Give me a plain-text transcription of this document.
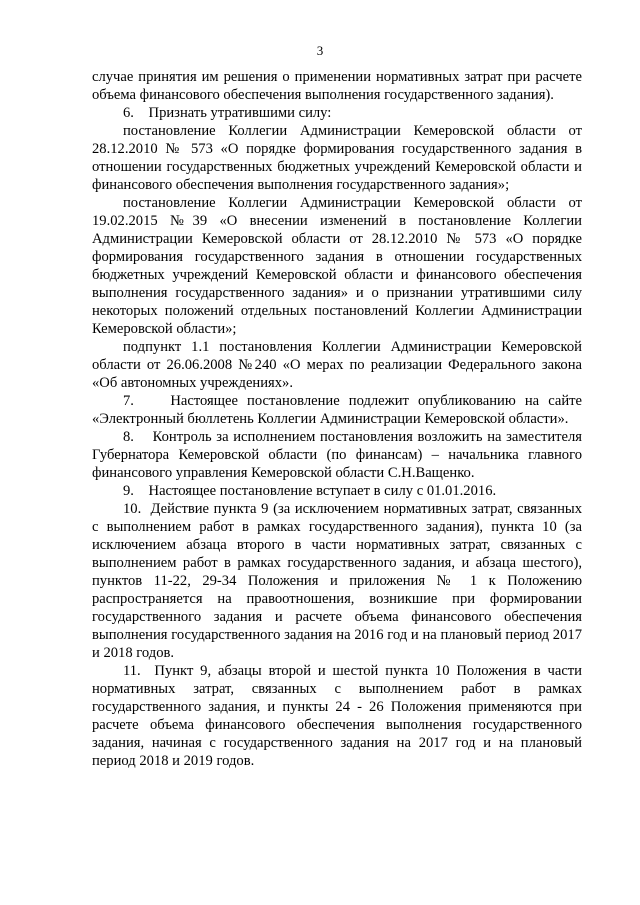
3

случае принятия им решения о применении нормативных затрат при расчете объема финансового обеспечения выполнения государственного задания).

6.    Признать утратившими силу:

постановление Коллегии Администрации Кемеровской области от 28.12.2010 № 573 «О порядке формирования государственного задания в отношении государственных бюджетных учреждений Кемеровской области и финансового обеспечения выполнения государственного задания»;

постановление Коллегии Администрации Кемеровской области от 19.02.2015 №39 «О внесении изменений в постановление Коллегии Администрации Кемеровской области от 28.12.2010 № 573 «О порядке формирования государственного задания в отношении государственных бюджетных учреждений Кемеровской области и финансового обеспечения выполнения государственного задания» и о признании утратившими силу некоторых положений отдельных постановлений Коллегии Администрации Кемеровской области»;

подпункт 1.1 постановления Коллегии Администрации Кемеровской области от 26.06.2008 №240 «О мерах по реализации Федерального закона «Об автономных учреждениях».

7.    Настоящее постановление подлежит опубликованию на сайте «Электронный бюллетень Коллегии Администрации Кемеровской области».

8.    Контроль за исполнением постановления возложить на заместителя Губернатора Кемеровской области (по финансам) – начальника главного финансового управления Кемеровской области С.Н.Ващенко.

9.    Настоящее постановление вступает в силу с 01.01.2016.

10.  Действие пункта 9 (за исключением нормативных затрат, связанных с выполнением работ в рамках государственного задания), пункта 10 (за исключением абзаца второго в части нормативных затрат, связанных с выполнением работ в рамках государственного задания, и абзаца шестого), пунктов 11-22, 29-34 Положения и приложения № 1 к Положению распространяется на правоотношения, возникшие при формировании государственного задания и расчете объема финансового обеспечения выполнения государственного задания на 2016 год и на плановый период 2017 и 2018 годов.

11.  Пункт 9, абзацы второй и шестой пункта 10 Положения в части нормативных затрат, связанных с выполнением работ в рамках государственного задания, и пункты 24 - 26 Положения применяются при расчете объема финансового обеспечения выполнения государственного задания, начиная с государственного задания на 2017 год и на плановый период 2018 и 2019 годов.
